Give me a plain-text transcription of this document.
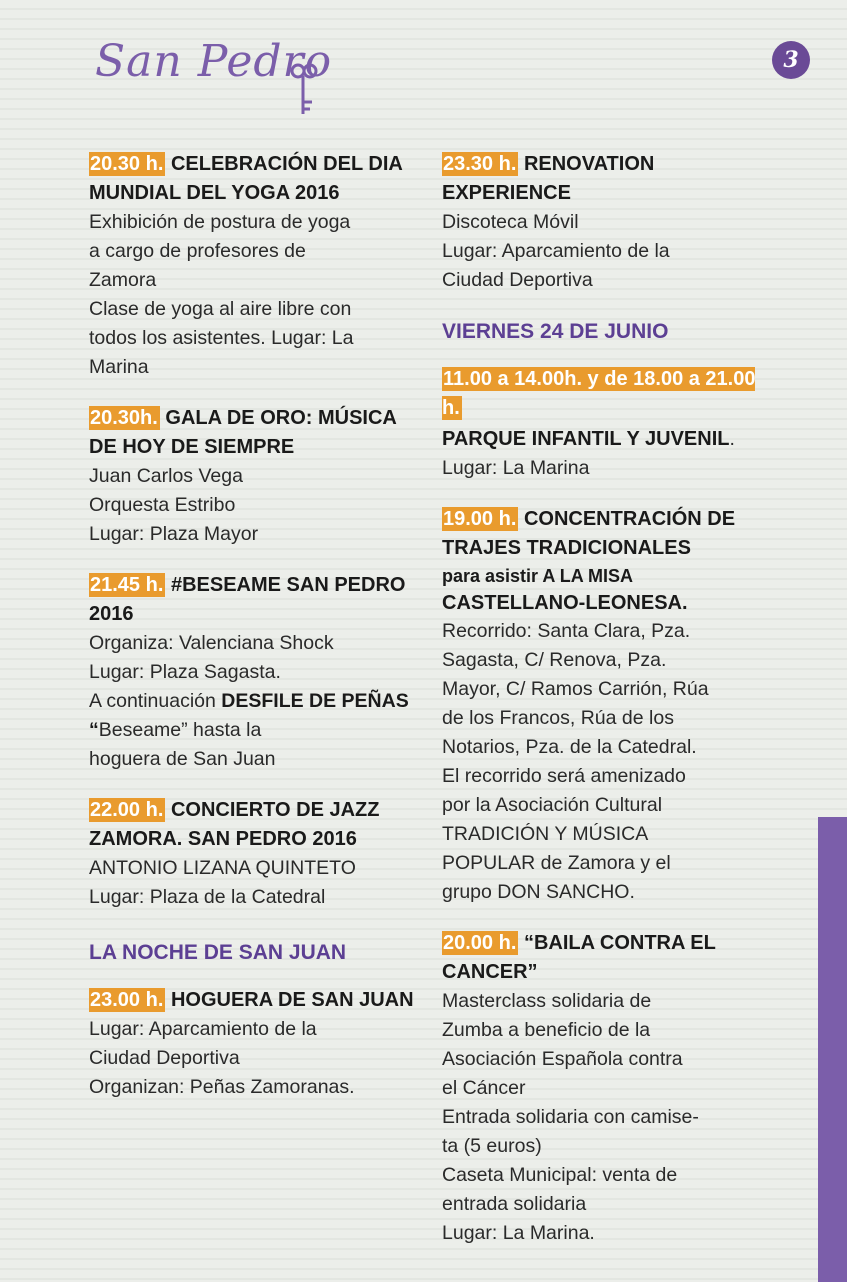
San Pedro	3
20.30 h. CELEBRACIÓN DEL DIA MUNDIAL DEL YOGA 2016
Exhibición de postura de yoga
a cargo de profesores de
Zamora
Clase de yoga al aire libre con
todos los asistentes. Lugar: La
Marina
20.30h. GALA DE ORO: MÚSICA DE HOY DE SIEMPRE
Juan Carlos Vega
Orquesta Estribo
Lugar: Plaza Mayor
21.45 h. #BESEAME SAN PEDRO 2016
Organiza: Valenciana Shock
Lugar: Plaza Sagasta.
A continuación DESFILE DE PEÑAS “Beseame” hasta la
hoguera de San Juan
22.00 h. CONCIERTO DE JAZZ ZAMORA. SAN PEDRO 2016
ANTONIO LIZANA QUINTETO
Lugar: Plaza de la Catedral
LA NOCHE DE SAN JUAN
23.00 h. HOGUERA DE SAN JUAN
Lugar: Aparcamiento de la
Ciudad Deportiva
Organizan: Peñas Zamoranas.
23.30 h. RENOVATION EXPERIENCE
Discoteca Móvil
Lugar: Aparcamiento de la
Ciudad Deportiva
VIERNES 24 DE JUNIO
11.00 a 14.00h. y de 18.00 a 21.00 h.
PARQUE INFANTIL Y JUVENIL. Lugar: La Marina
19.00 h. CONCENTRACIÓN DE TRAJES TRADICIONALES
para asistir A LA MISA
CASTELLANO-LEONESA.
Recorrido: Santa Clara, Pza.
Sagasta, C/ Renova, Pza.
Mayor, C/ Ramos Carrión, Rúa
de los Francos, Rúa de los
Notarios, Pza. de la Catedral.
El recorrido será amenizado
por la Asociación Cultural
TRADICIÓN Y MÚSICA
POPULAR de Zamora y el
grupo DON SANCHO.
20.00 h. “BAILA CONTRA EL CANCER”
Masterclass solidaria de
Zumba a beneficio de la
Asociación Española contra
el Cáncer
Entrada solidaria con camise-
ta (5 euros)
Caseta Municipal: venta de
entrada solidaria
Lugar: La Marina.
